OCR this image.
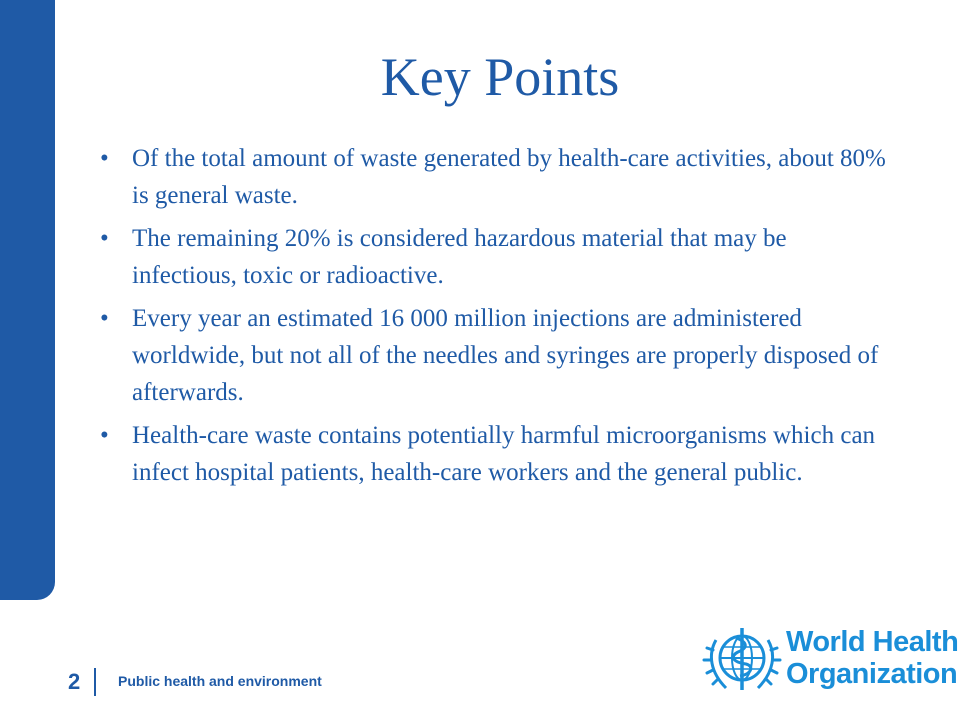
Key Points
• Of the total amount of waste generated by health-care activities, about 80% is general waste.
• The remaining 20% is considered hazardous material that may be infectious, toxic or radioactive.
• Every year an estimated 16 000 million injections are administered worldwide, but not all of the needles and syringes are properly disposed of afterwards.
• Health-care waste contains potentially harmful microorganisms which can infect hospital patients, health-care workers and the general public.
2	Public health and environment
World Health
Organization
